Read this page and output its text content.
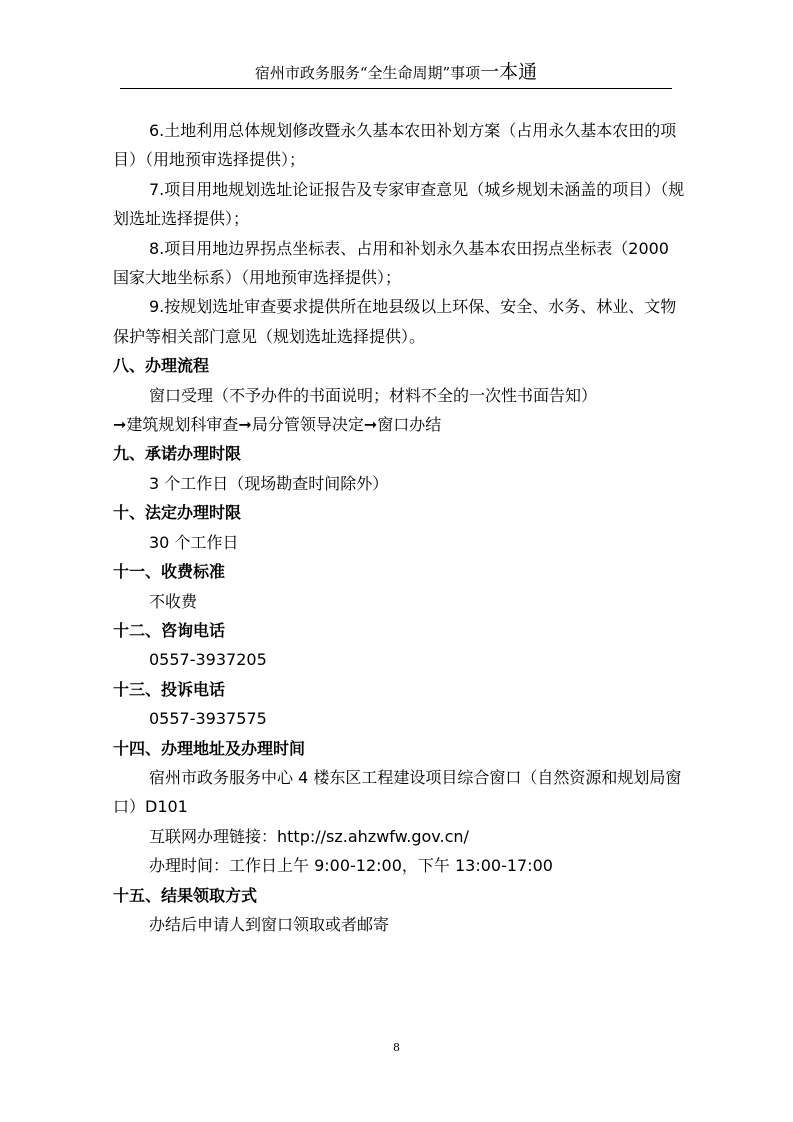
宿州市政务服务“全生命周期”事项一本通

6.土地利用总体规划修改暨永久基本农田补划方案（占用永久基本农田的项目）（用地预审选择提供）；

7.项目用地规划选址论证报告及专家审查意见（城乡规划未涵盖的项目）（规划选址选择提供）；

8.项目用地边界拐点坐标表、占用和补划永久基本农田拐点坐标表（2000 国家大地坐标系）（用地预审选择提供）；

9.按规划选址审查要求提供所在地县级以上环保、安全、水务、林业、文物保护等相关部门意见（规划选址选择提供）。

八、办理流程

窗口受理（不予办件的书面说明；材料不全的一次性书面告知）

➞建筑规划科审查➞局分管领导决定➞窗口办结

九、承诺办理时限

3 个工作日（现场勘查时间除外）

十、法定办理时限

30 个工作日

十一、收费标准

不收费

十二、咨询电话

0557-3937205

十三、投诉电话

0557-3937575

十四、办理地址及办理时间

宿州市政务服务中心 4 楼东区工程建设项目综合窗口（自然资源和规划局窗口）D101

互联网办理链接：http://sz.ahzwfw.gov.cn/

办理时间：工作日上午 9:00-12:00，下午 13:00-17:00

十五、结果领取方式

办结后申请人到窗口领取或者邮寄

8
